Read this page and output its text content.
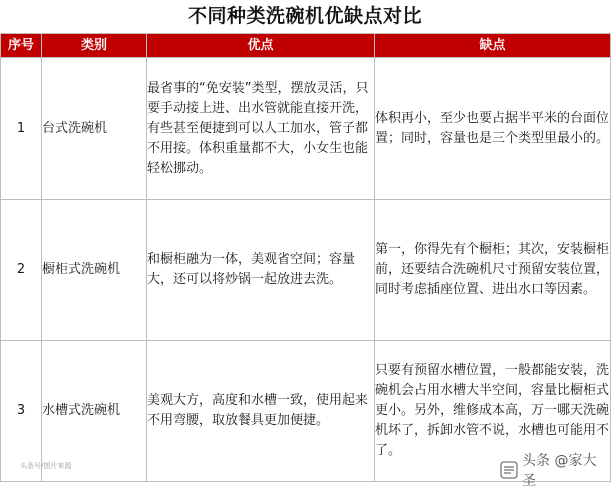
不同种类洗碗机优缺点对比
序号	类别	优点	缺点
1	台式洗碗机	最省事的“免安装”类型，摆放灵活，只要手动接上进、出水管就能直接开洗，有些甚至便捷到可以人工加水，管子都不用接。体积重量都不大，小女生也能轻松挪动。	体积再小，至少也要占据半平米的台面位置；同时，容量也是三个类型里最小的。
2	橱柜式洗碗机	和橱柜融为一体，美观省空间；容量大，还可以将炒锅一起放进去洗。	第一，你得先有个橱柜；其次，安装橱柜前，还要结合洗碗机尺寸预留安装位置，同时考虑插座位置、进出水口等因素。
3	水槽式洗碗机	美观大方，高度和水槽一致，使用起来不用弯腰，取放餐具更加便捷。	只要有预留水槽位置，一般都能安装，洗碗机会占用水槽大半空间，容量比橱柜式更小。另外，维修成本高，万一哪天洗碗机坏了，拆卸水管不说，水槽也可能用不了。
头条号/图片来源	头条 @家大圣
